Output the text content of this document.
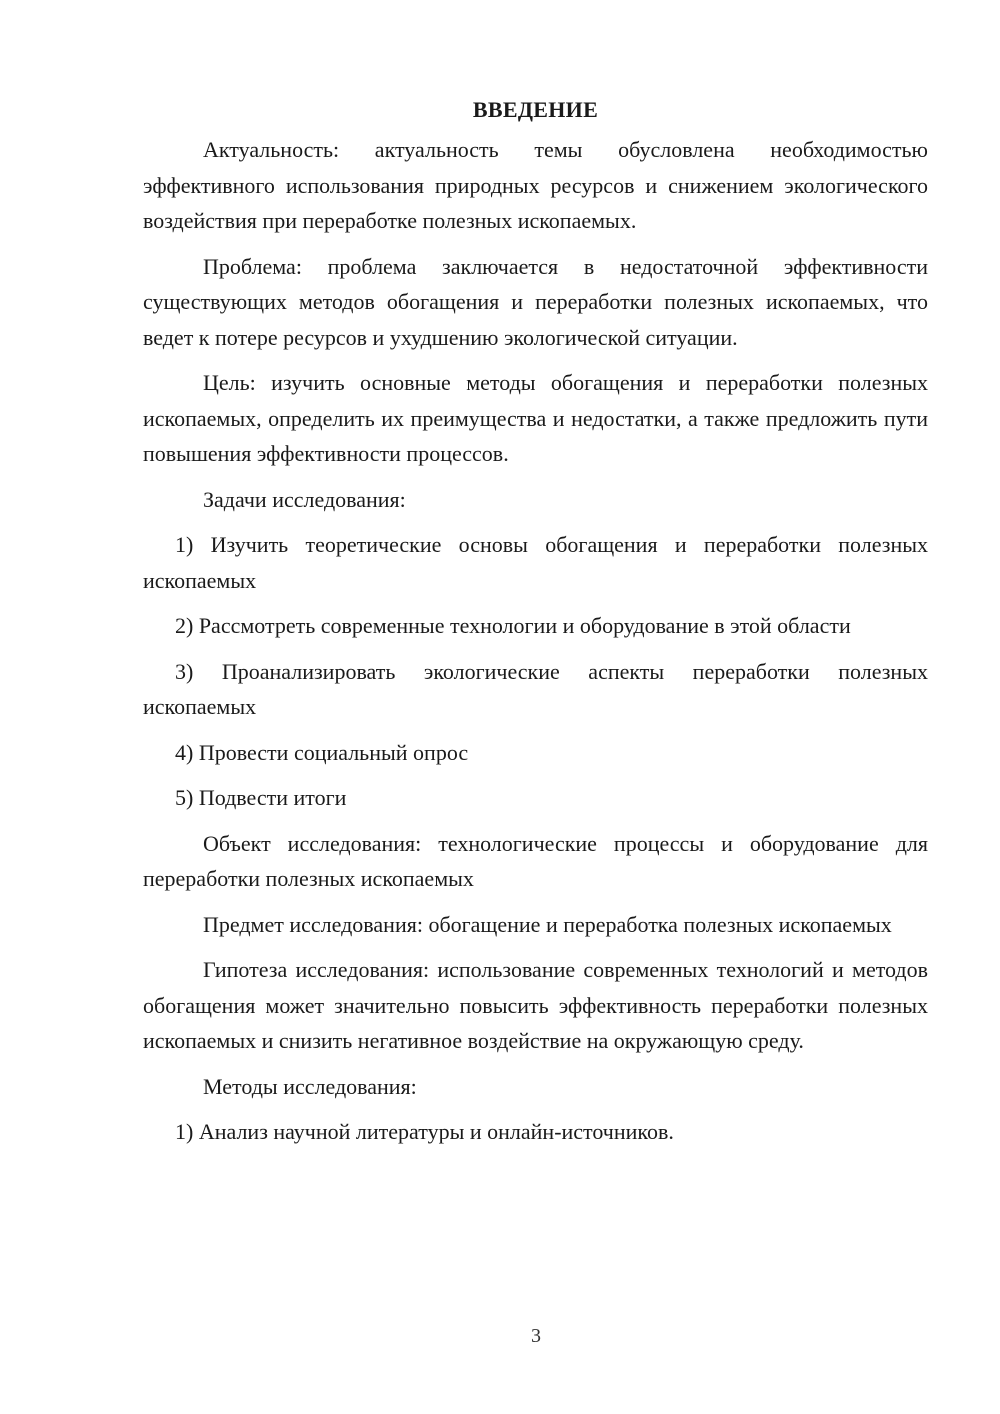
ВВЕДЕНИЕ

Актуальность: актуальность темы обусловлена необходимостью эффективного использования природных ресурсов и снижением экологического воздействия при переработке полезных ископаемых.

Проблема: проблема заключается в недостаточной эффективности существующих методов обогащения и переработки полезных ископаемых, что ведет к потере ресурсов и ухудшению экологической ситуации.

Цель: изучить основные методы обогащения и переработки полезных ископаемых, определить их преимущества и недостатки, а также предложить пути повышения эффективности процессов.

Задачи исследования:

1) Изучить теоретические основы обогащения и переработки полезных ископаемых

2) Рассмотреть современные технологии и оборудование в этой области

3) Проанализировать экологические аспекты переработки полезных ископаемых

4) Провести социальный опрос

5) Подвести итоги

Объект исследования: технологические процессы и оборудование для переработки полезных ископаемых

Предмет исследования: обогащение и переработка полезных ископаемых

Гипотеза исследования: использование современных технологий и методов обогащения может значительно повысить эффективность переработки полезных ископаемых и снизить негативное воздействие на окружающую среду.

Методы исследования:

1) Анализ научной литературы и онлайн-источников.

3
